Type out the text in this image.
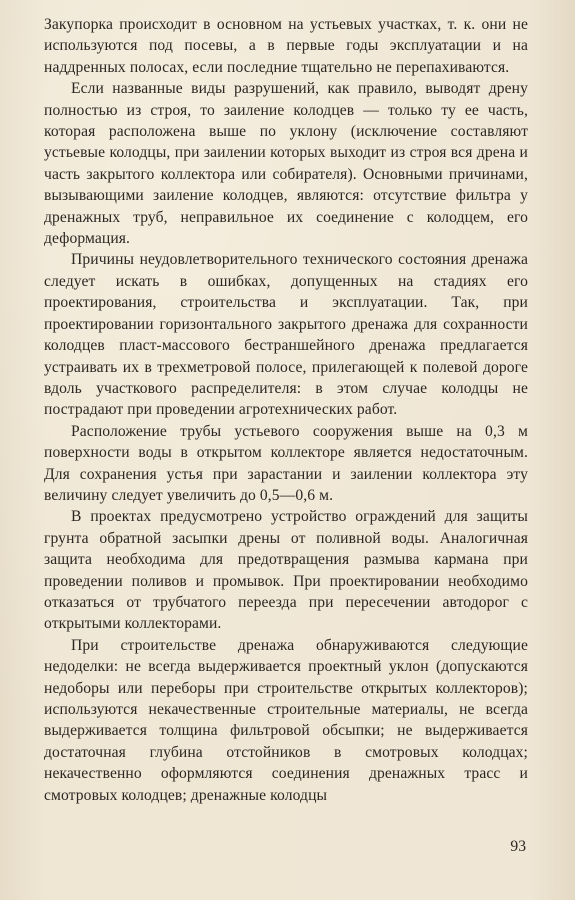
Закупорка происходит в основном на устьевых участках, т. к. они не используются под посевы, а в первые годы эксплуатации и на наддренных полосах, если последние тщательно не перепахиваются.

Если названные виды разрушений, как правило, выводят дрену полностью из строя, то заиление колодцев — только ту ее часть, которая расположена выше по уклону (исключение составляют устьевые колодцы, при заилении которых выходит из строя вся дрена и часть закрытого коллектора или собирателя). Основными причинами, вызывающими заиление колодцев, являются: отсутствие фильтра у дренажных труб, неправильное их соединение с колодцем, его деформация.

Причины неудовлетворительного технического состояния дренажа следует искать в ошибках, допущенных на стадиях его проектирования, строительства и эксплуатации. Так, при проектировании горизонтального закрытого дренажа для сохранности колодцев пласт-массового бестраншейного дренажа предлагается устраивать их в трехметровой полосе, прилегающей к полевой дороге вдоль участкового распределителя: в этом случае колодцы не пострадают при проведении агротехнических работ.

Расположение трубы устьевого сооружения выше на 0,3 м поверхности воды в открытом коллекторе является недостаточным. Для сохранения устья при зарастании и заилении коллектора эту величину следует увеличить до 0,5—0,6 м.

В проектах предусмотрено устройство ограждений для защиты грунта обратной засыпки дрены от поливной воды. Аналогичная защита необходима для предотвращения размыва кармана при проведении поливов и промывок. При проектировании необходимо отказаться от трубчатого переезда при пересечении автодорог с открытыми коллекторами.

При строительстве дренажа обнаруживаются следующие недоделки: не всегда выдерживается проектный уклон (допускаются недоборы или переборы при строительстве открытых коллекторов); используются некачественные строительные материалы, не всегда выдерживается толщина фильтровой обсыпки; не выдерживается достаточная глубина отстойников в смотровых колодцах; некачественно оформляются соединения дренажных трасс и смотровых колодцев; дренажные колодцы

93
